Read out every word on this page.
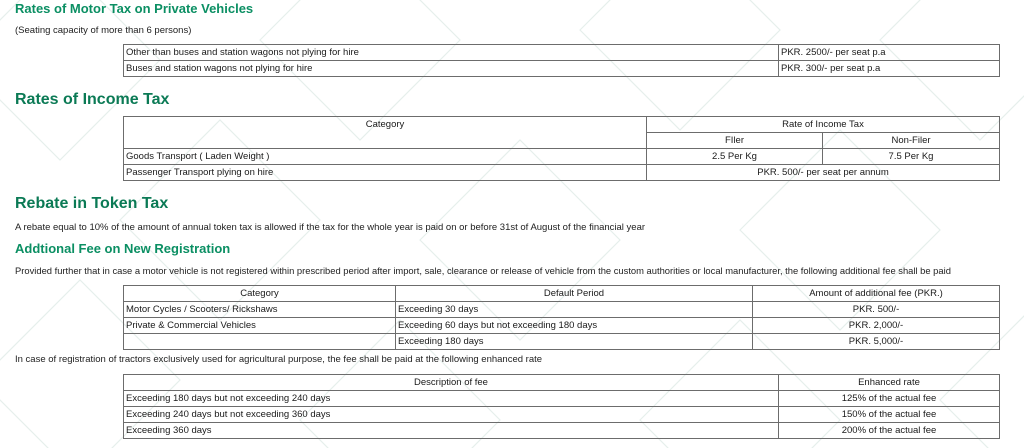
Rates of Motor Tax on Private Vehicles
(Seating capacity of more than 6 persons)
Other than buses and station wagons not plying for hire	PKR. 2500/- per seat p.a
Buses and station wagons not plying for hire	PKR. 300/- per seat p.a
Rates of Income Tax
Category	Rate of Income Tax	
	FIler	Non-Filer
Goods Transport ( Laden Weight )	2.5 Per Kg	7.5 Per Kg
Passenger Transport plying on hire	PKR. 500/- per seat per annum	
Rebate in Token Tax
A rebate equal to 10% of the amount of annual token tax is allowed if the tax for the whole year is paid on or before 31st of August of the financial year
Addtional Fee on New Registration
Provided further that in case a motor vehicle is not registered within prescribed period after import, sale, clearance or release of vehicle from the custom authorities or local manufacturer, the following additional fee shall be paid
Category	Default Period	Amount of additional fee (PKR.)
Motor Cycles / Scooters/ Rickshaws	Exceeding 30 days	PKR. 500/-
Private & Commercial Vehicles	Exceeding 60 days but not exceeding 180 days	PKR. 2,000/-
	Exceeding 180 days	PKR. 5,000/-
In case of registration of tractors exclusively used for agricultural purpose, the fee shall be paid at the following enhanced rate
Description of fee	Enhanced rate
Exceeding 180 days but not exceeding 240 days	125% of the actual fee
Exceeding 240 days but not exceeding 360 days	150% of the actual fee
Exceeding 360 days	200% of the actual fee
